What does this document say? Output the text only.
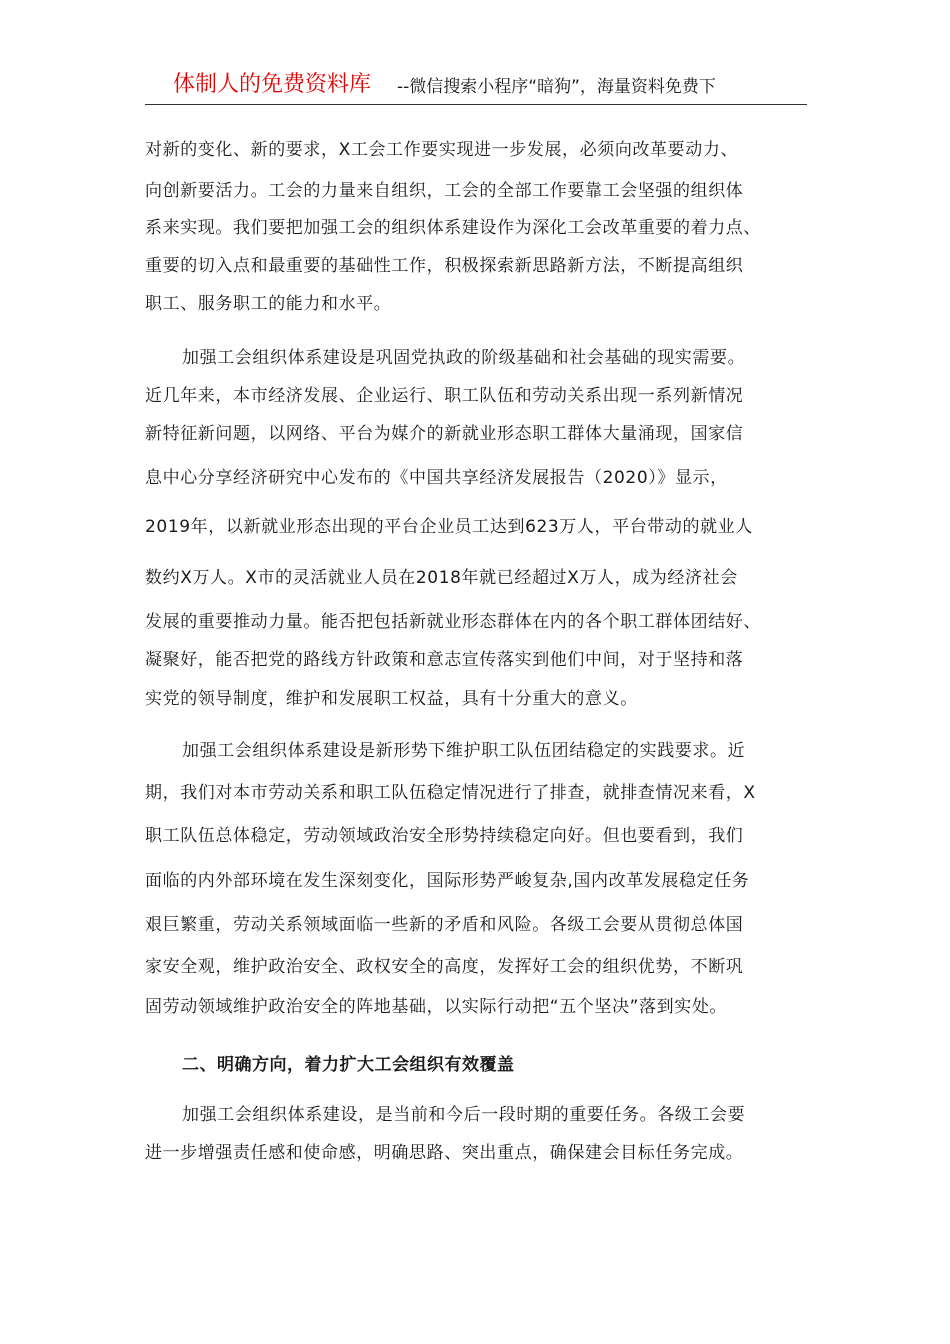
体制人的免费资料库 --微信搜索小程序“暗狗”，海量资料免费下
对新的变化、新的要求，X工会工作要实现进一步发展，必须向改革要动力、
向创新要活力。工会的力量来自组织，工会的全部工作要靠工会坚强的组织体
系来实现。我们要把加强工会的组织体系建设作为深化工会改革重要的着力点、
重要的切入点和最重要的基础性工作，积极探索新思路新方法，不断提高组织
职工、服务职工的能力和水平。
加强工会组织体系建设是巩固党执政的阶级基础和社会基础的现实需要。
近几年来，本市经济发展、企业运行、职工队伍和劳动关系出现一系列新情况
新特征新问题，以网络、平台为媒介的新就业形态职工群体大量涌现，国家信
息中心分享经济研究中心发布的《中国共享经济发展报告（2020）》显示，
2019年，以新就业形态出现的平台企业员工达到623万人，平台带动的就业人
数约X万人。X市的灵活就业人员在2018年就已经超过X万人，成为经济社会
发展的重要推动力量。能否把包括新就业形态群体在内的各个职工群体团结好、
凝聚好，能否把党的路线方针政策和意志宣传落实到他们中间，对于坚持和落
实党的领导制度，维护和发展职工权益，具有十分重大的意义。
加强工会组织体系建设是新形势下维护职工队伍团结稳定的实践要求。近
期，我们对本市劳动关系和职工队伍稳定情况进行了排查，就排查情况来看，X
职工队伍总体稳定，劳动领域政治安全形势持续稳定向好。但也要看到，我们
面临的内外部环境在发生深刻变化，国际形势严峻复杂,国内改革发展稳定任务
艰巨繁重，劳动关系领域面临一些新的矛盾和风险。各级工会要从贯彻总体国
家安全观，维护政治安全、政权安全的高度，发挥好工会的组织优势，不断巩
固劳动领域维护政治安全的阵地基础，以实际行动把“五个坚决”落到实处。
二、明确方向，着力扩大工会组织有效覆盖
加强工会组织体系建设，是当前和今后一段时期的重要任务。各级工会要
进一步增强责任感和使命感，明确思路、突出重点，确保建会目标任务完成。
